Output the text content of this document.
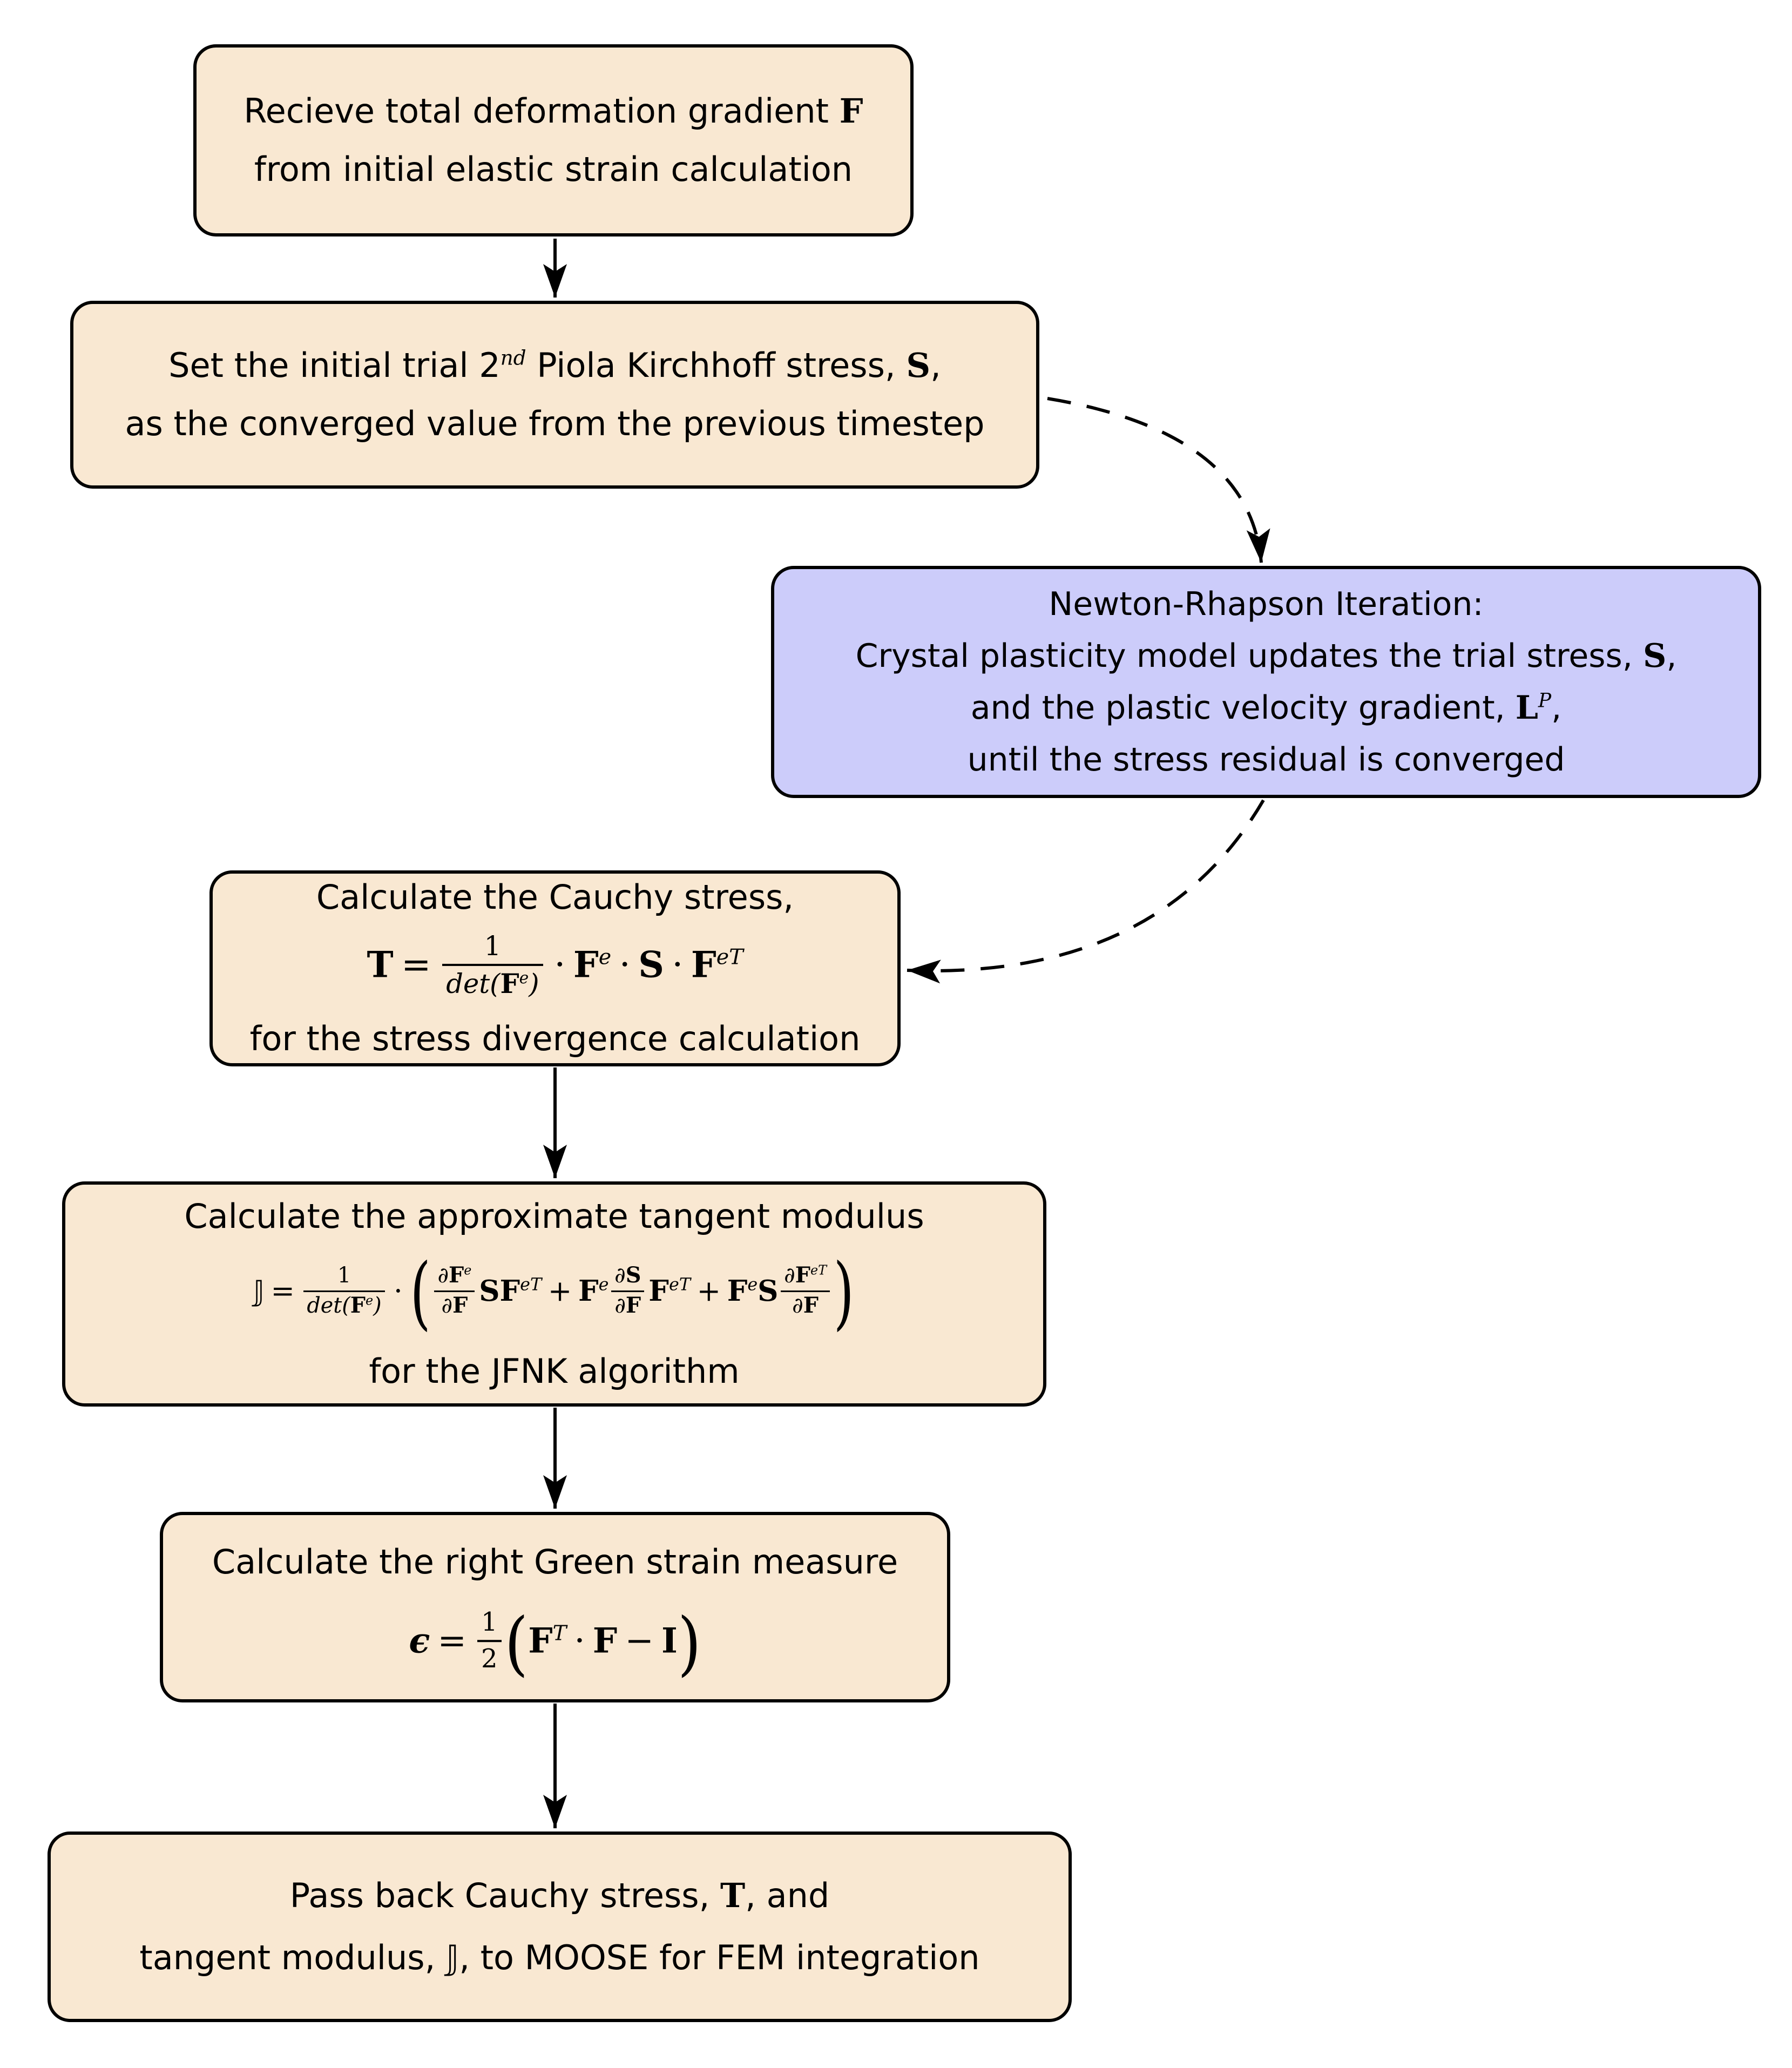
Recieve total deformation gradient F
from initial elastic strain calculation
Set the initial trial 2nd Piola Kirchhoff stress, S,
as the converged value from the previous timestep
Newton-Rhapson Iteration:
Crystal plasticity model updates the trial stress, S,
and the plastic velocity gradient, $L^P$,
until the stress residual is converged
Calculate the Cauchy stress,
$T = \frac{1}{\det(F^e)} \cdot F^e \cdot S \cdot F^{eT}$
for the stress divergence calculation
Calculate the approximate tangent modulus
𝕁 = $\frac{1}{\det(F^e)}$ · ( $\frac{\partial F^e}{\partial F} SF^{eT} + F^e \frac{\partial S}{\partial F} F^{eT} + F^eS \frac{\partial F^{eT}}{\partial F}$ )
for the JFNK algorithm
Calculate the right Green strain measure
$\epsilon = \frac{1}{2} (F^T \cdot F - I)$
Pass back Cauchy stress, T, and
tangent modulus, 𝕁, to MOOSE for FEM integration
